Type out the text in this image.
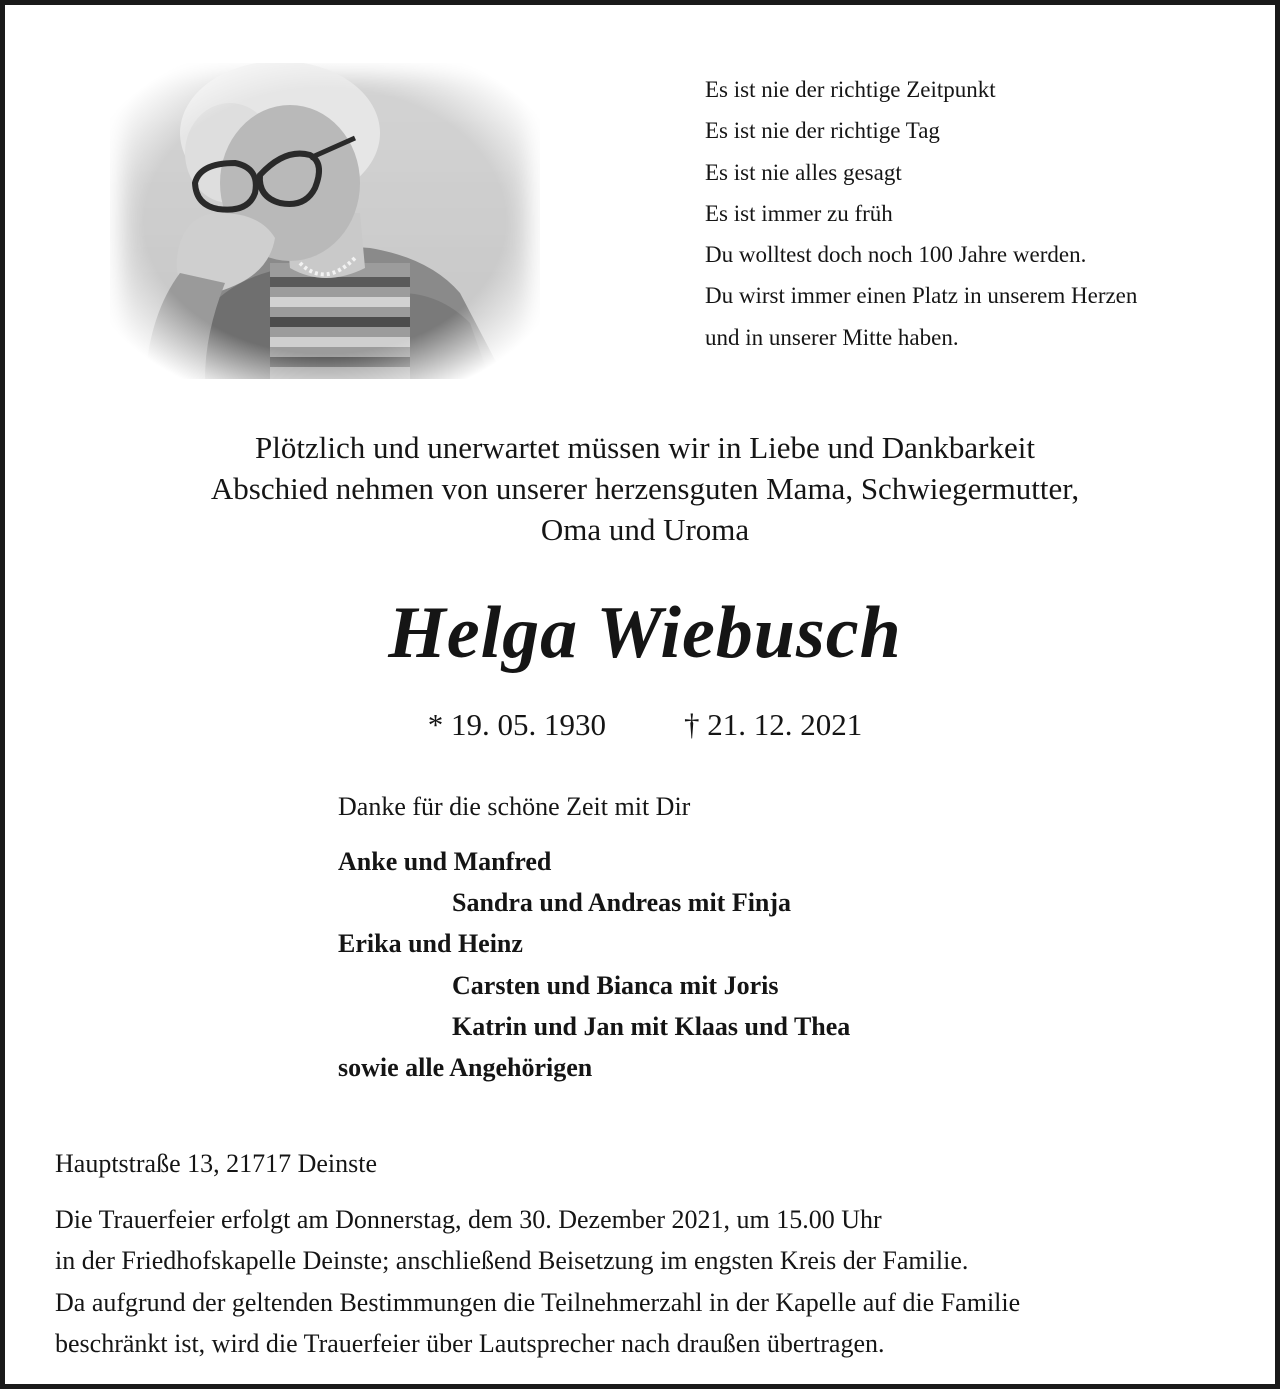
Es ist nie der richtige Zeitpunkt
Es ist nie der richtige Tag
Es ist nie alles gesagt
Es ist immer zu früh
Du wolltest doch noch 100 Jahre werden.
Du wirst immer einen Platz in unserem Herzen
und in unserer Mitte haben.
Plötzlich und unerwartet müssen wir in Liebe und Dankbarkeit
Abschied nehmen von unserer herzensguten Mama, Schwiegermutter,
Oma und Uroma
Helga Wiebusch
* 19. 05. 1930	† 21. 12. 2021
Danke für die schöne Zeit mit Dir
Anke und Manfred
Sandra und Andreas mit Finja
Erika und Heinz
Carsten und Bianca mit Joris
Katrin und Jan mit Klaas und Thea
sowie alle Angehörigen
Hauptstraße 13, 21717 Deinste
Die Trauerfeier erfolgt am Donnerstag, dem 30. Dezember 2021, um 15.00 Uhr
in der Friedhofskapelle Deinste; anschließend Beisetzung im engsten Kreis der Familie.
Da aufgrund der geltenden Bestimmungen die Teilnehmerzahl in der Kapelle auf die Familie
beschränkt ist, wird die Trauerfeier über Lautsprecher nach draußen übertragen.
